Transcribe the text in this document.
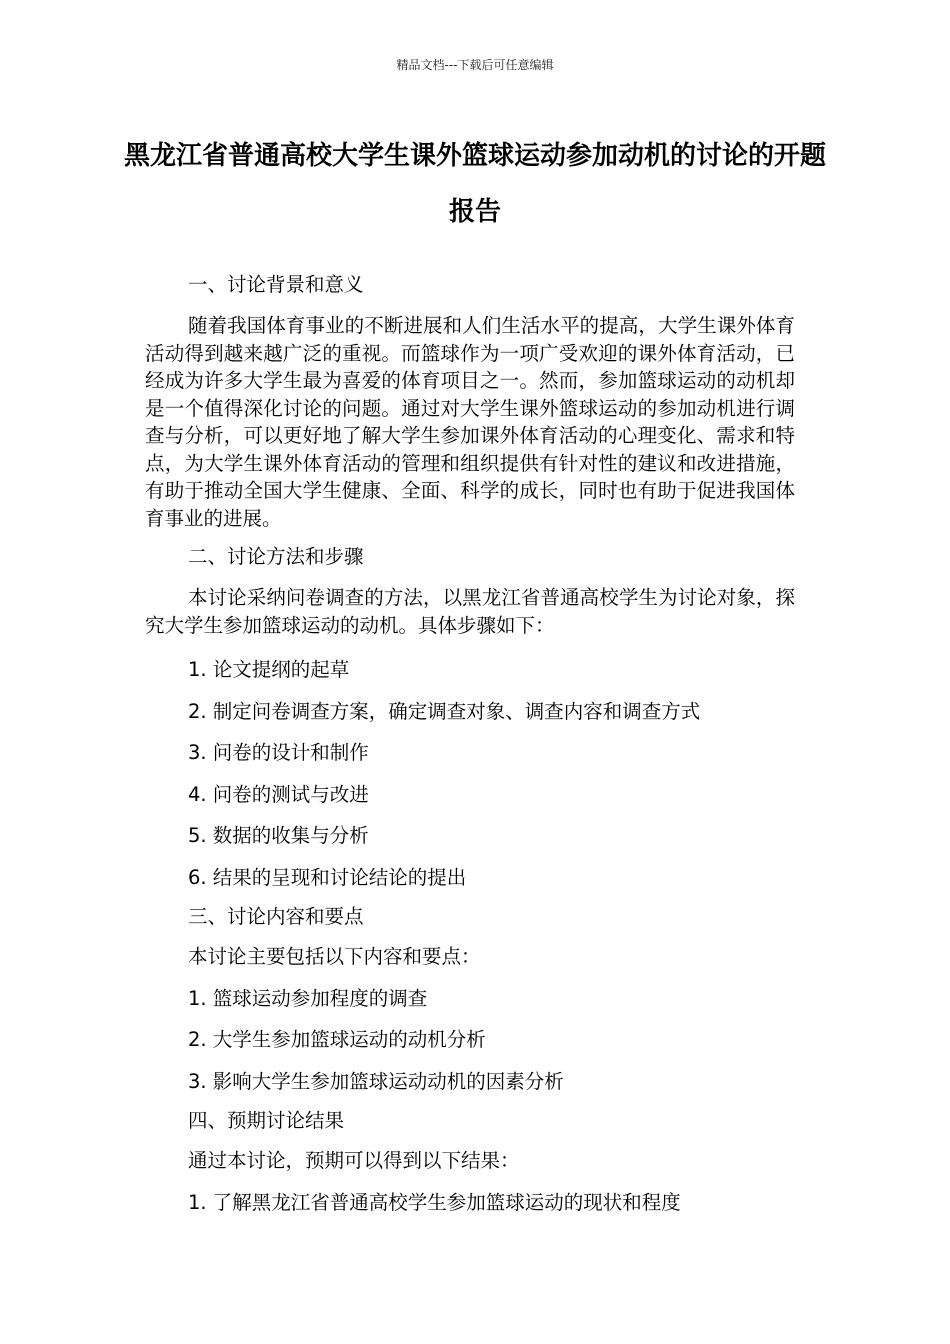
精品文档---下载后可任意编辑
黑龙江省普通高校大学生课外篮球运动参加动机的讨论的开题报告
一、讨论背景和意义

随着我国体育事业的不断进展和人们生活水平的提高，大学生课外体育活动得到越来越广泛的重视。而篮球作为一项广受欢迎的课外体育活动，已经成为许多大学生最为喜爱的体育项目之一。然而，参加篮球运动的动机却是一个值得深化讨论的问题。通过对大学生课外篮球运动的参加动机进行调查与分析，可以更好地了解大学生参加课外体育活动的心理变化、需求和特点，为大学生课外体育活动的管理和组织提供有针对性的建议和改进措施，有助于推动全国大学生健康、全面、科学的成长，同时也有助于促进我国体育事业的进展。

二、讨论方法和步骤

本讨论采纳问卷调查的方法，以黑龙江省普通高校学生为讨论对象，探究大学生参加篮球运动的动机。具体步骤如下：

1. 论文提纲的起草

2. 制定问卷调查方案，确定调查对象、调查内容和调查方式

3. 问卷的设计和制作

4. 问卷的测试与改进

5. 数据的收集与分析

6. 结果的呈现和讨论结论的提出

三、讨论内容和要点

本讨论主要包括以下内容和要点：

1. 篮球运动参加程度的调查

2. 大学生参加篮球运动的动机分析

3. 影响大学生参加篮球运动动机的因素分析

四、预期讨论结果

通过本讨论，预期可以得到以下结果：

1. 了解黑龙江省普通高校学生参加篮球运动的现状和程度
